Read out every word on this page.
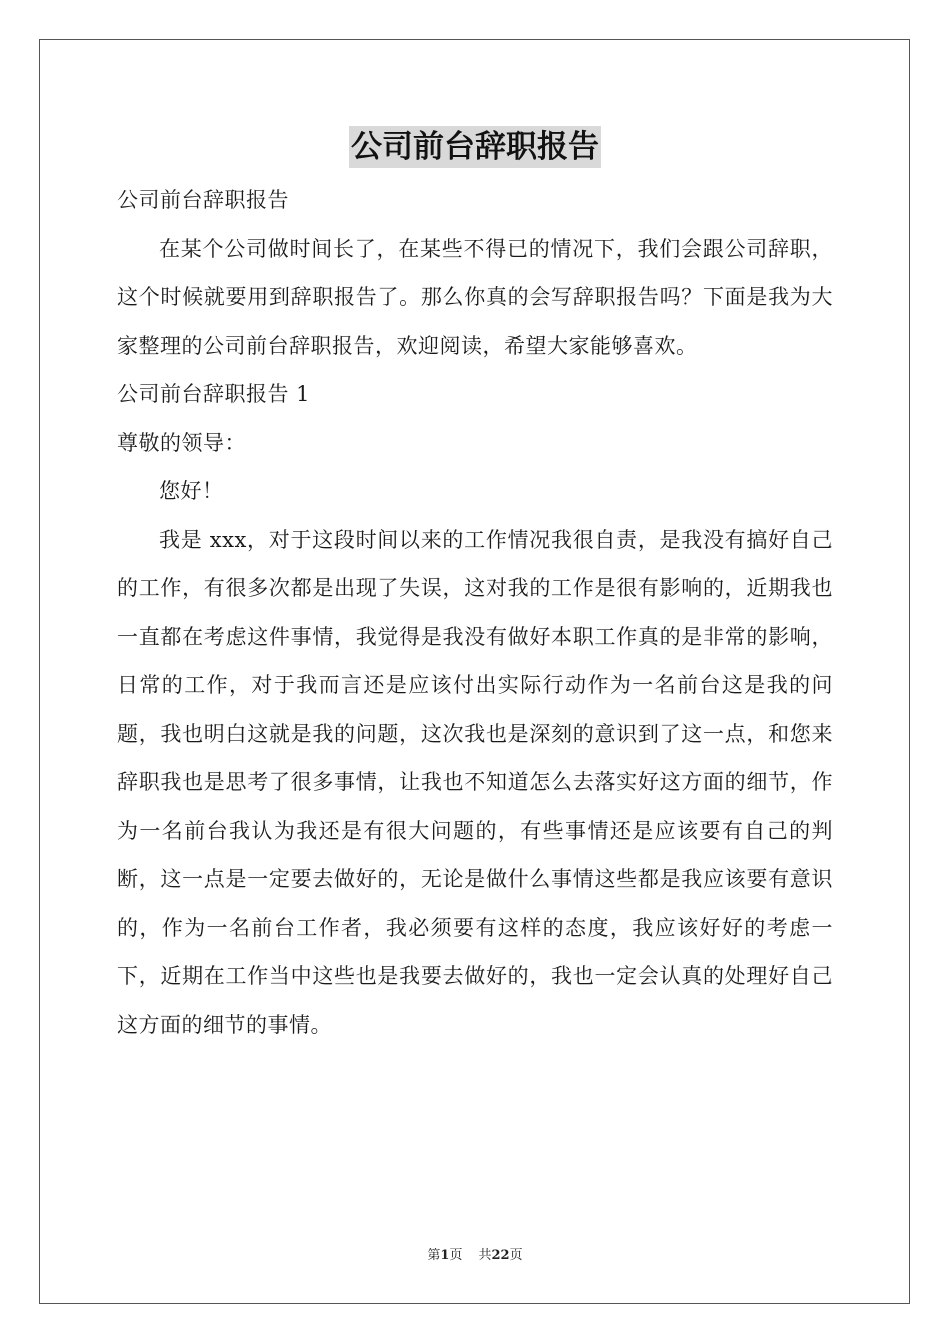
公司前台辞职报告

公司前台辞职报告

在某个公司做时间长了，在某些不得已的情况下，我们会跟公司辞职，这个时候就要用到辞职报告了。那么你真的会写辞职报告吗？下面是我为大家整理的公司前台辞职报告，欢迎阅读，希望大家能够喜欢。

公司前台辞职报告 1

尊敬的领导：

您好！

我是 xxx，对于这段时间以来的工作情况我很自责，是我没有搞好自己的工作，有很多次都是出现了失误，这对我的工作是很有影响的，近期我也一直都在考虑这件事情，我觉得是我没有做好本职工作真的是非常的影响，日常的工作，对于我而言还是应该付出实际行动作为一名前台这是我的问题，我也明白这就是我的问题，这次我也是深刻的意识到了这一点，和您来辞职我也是思考了很多事情，让我也不知道怎么去落实好这方面的细节，作为一名前台我认为我还是有很大问题的，有些事情还是应该要有自己的判断，这一点是一定要去做好的，无论是做什么事情这些都是我应该要有意识的，作为一名前台工作者，我必须要有这样的态度，我应该好好的考虑一下，近期在工作当中这些也是我要去做好的，我也一定会认真的处理好自己这方面的细节的事情。

第1页 共22页
